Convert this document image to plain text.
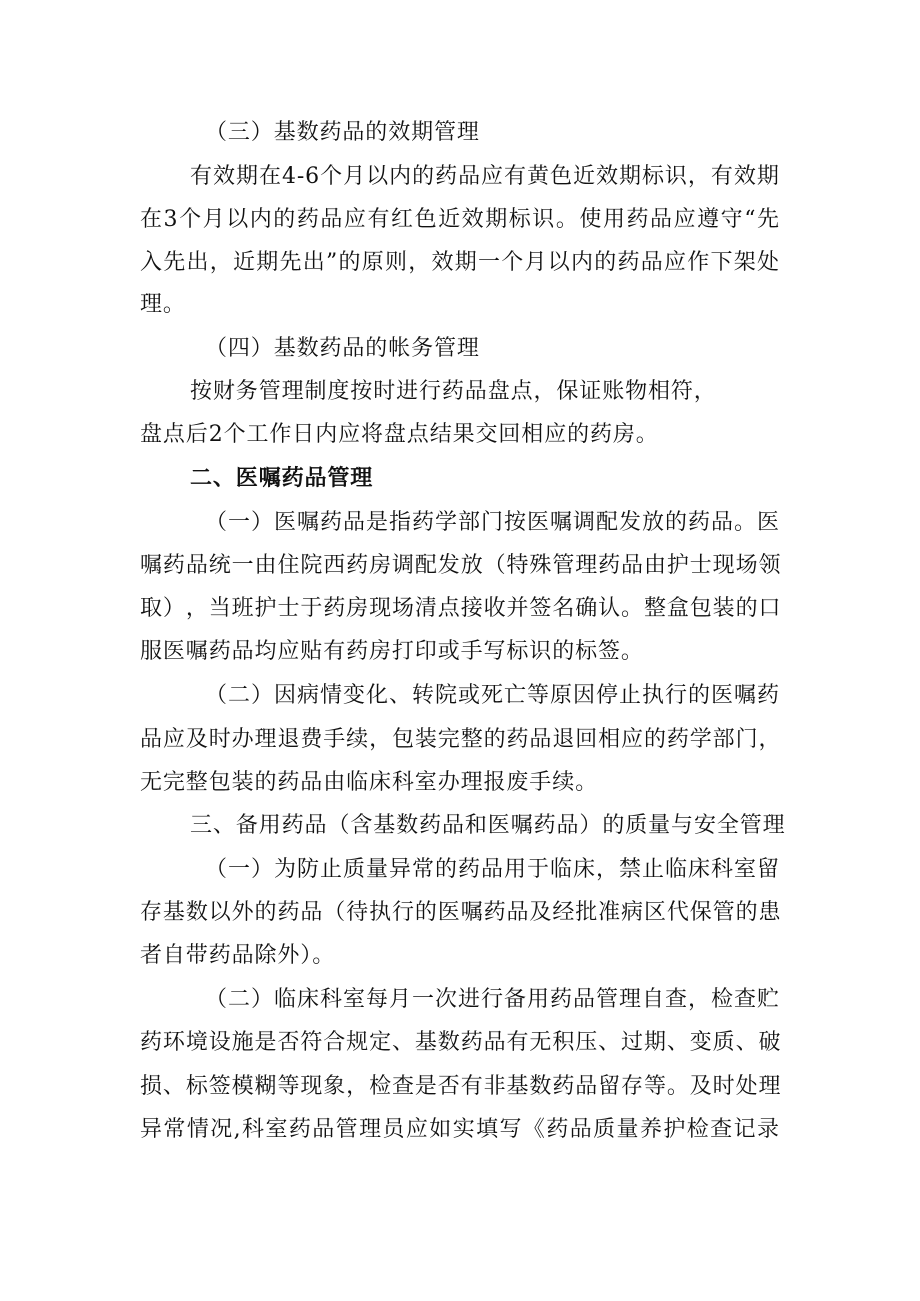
（三）基数药品的效期管理
有 效 期 在 4-6 个 月 以 内 的 药 品 应 有 黄 色 近 效 期 标 识 ， 有 效 期
在 3 个 月 以 内 的 药 品 应 有 红 色 近 效 期 标 识 。 使 用 药 品 应 遵 守 “ 先
入 先 出 ， 近 期 先 出 ” 的 原 则 ， 效 期 一 个 月 以 内 的 药 品 应 作 下 架 处
理。
（四）基数药品的帐务管理
按财务管理制度按时进行药品盘点，保证账物相符，
盘点后2个工作日内应将盘点结果交回相应的药房。
二、医嘱药品管理
（ 一 ） 医 嘱 药 品 是 指 药 学 部 门 按 医 嘱 调 配 发 放 的 药 品 。 医
嘱 药 品 统 一 由 住 院 西 药 房 调 配 发 放 （ 特 殊 管 理 药 品 由 护 士 现 场 领
取 ） ， 当 班 护 士 于 药 房 现 场 清 点 接 收 并 签 名 确 认 。 整 盒 包 装 的 口
服医嘱药品均应贴有药房打印或手写标识的标签。
（ 二 ） 因 病 情 变 化 、 转 院 或 死 亡 等 原 因 停 止 执 行 的 医 嘱 药
品 应 及 时 办 理 退 费 手 续 ， 包 装 完 整 的 药 品 退 回 相 应 的 药 学 部 门 ，
无完整包装的药品由临床科室办理报废手续。
三 、 备 用 药 品 （ 含 基 数 药 品 和 医 嘱 药 品 ） 的 质 量 与 安 全 管 理
（ 一 ） 为 防 止 质 量 异 常 的 药 品 用 于 临 床 ， 禁 止 临 床 科 室 留
存 基 数 以 外 的 药 品 （ 待 执 行 的 医 嘱 药 品 及 经 批 准 病 区 代 保 管 的 患
者自带药品除外）。
（ 二 ） 临 床 科 室 每 月 一 次 进 行 备 用 药 品 管 理 自 查 ， 检 查 贮
药 环 境 设 施 是 否 符 合 规 定 、 基 数 药 品 有 无 积 压 、 过 期 、 变 质 、 破
损 、 标 签 模 糊 等 现 象 ， 检 查 是 否 有 非 基 数 药 品 留 存 等 。 及 时 处 理
异 常 情 况 , 科 室 药 品 管 理 员 应 如 实 填 写 《 药 品 质 量 养 护 检 查 记 录
